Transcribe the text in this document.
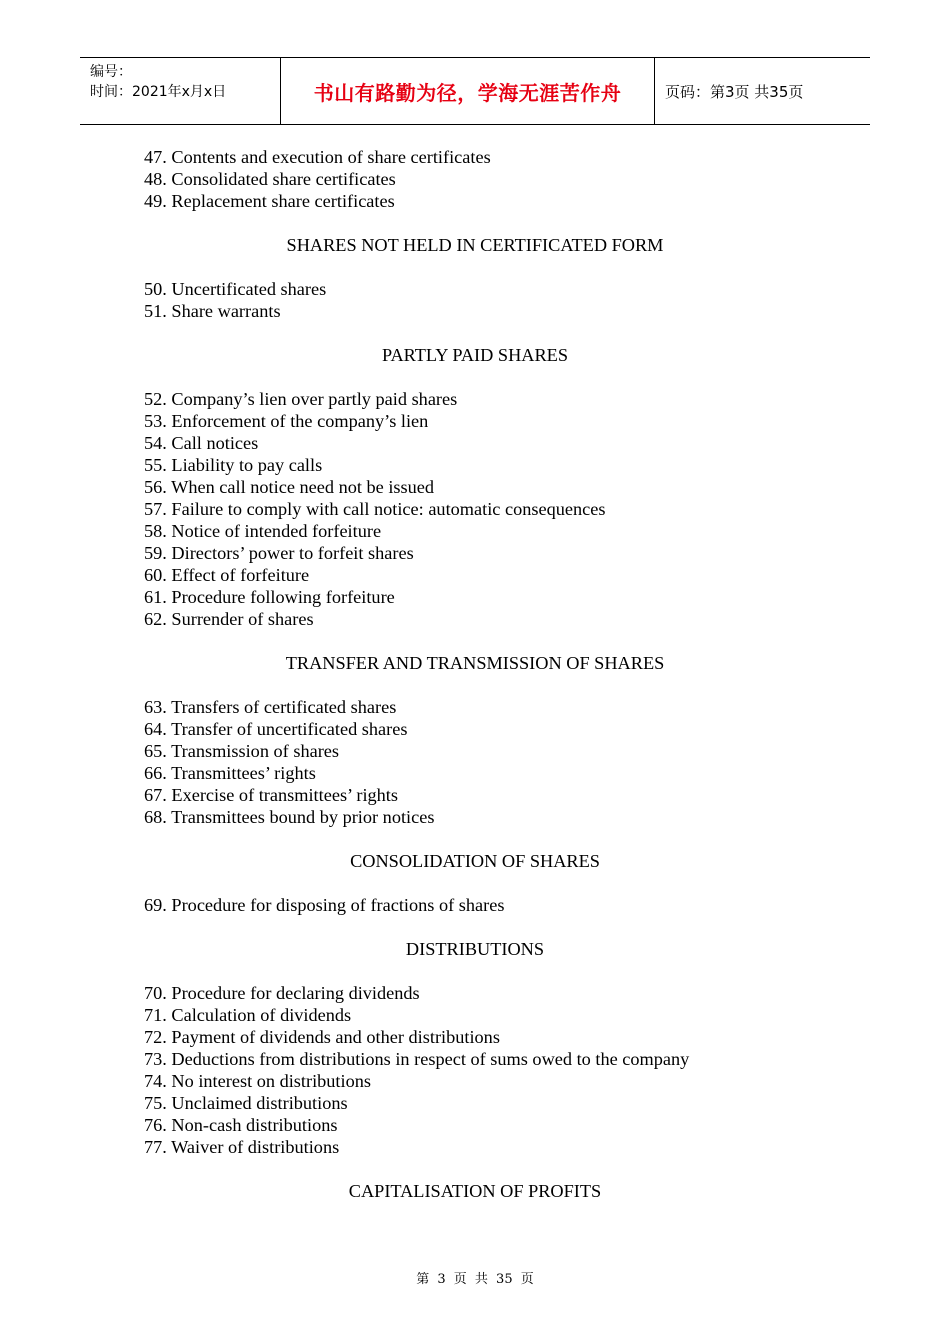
编号：
时间：2021年x月x日	书山有路勤为径，学海无涯苦作舟	页码：第3页 共35页
47. Contents and execution of share certificates
48. Consolidated share certificates
49. Replacement share certificates
SHARES NOT HELD IN CERTIFICATED FORM
50. Uncertificated shares
51. Share warrants
PARTLY PAID SHARES
52. Company’s lien over partly paid shares
53. Enforcement of the company’s lien
54. Call notices
55. Liability to pay calls
56. When call notice need not be issued
57. Failure to comply with call notice: automatic consequences
58. Notice of intended forfeiture
59. Directors’ power to forfeit shares
60. Effect of forfeiture
61. Procedure following forfeiture
62. Surrender of shares
TRANSFER AND TRANSMISSION OF SHARES
63. Transfers of certificated shares
64. Transfer of uncertificated shares
65. Transmission of shares
66. Transmittees’ rights
67. Exercise of transmittees’ rights
68. Transmittees bound by prior notices
CONSOLIDATION OF SHARES
69. Procedure for disposing of fractions of shares
DISTRIBUTIONS
70. Procedure for declaring dividends
71. Calculation of dividends
72. Payment of dividends and other distributions
73. Deductions from distributions in respect of sums owed to the company
74. No interest on distributions
75. Unclaimed distributions
76. Non-cash distributions
77. Waiver of distributions
CAPITALISATION OF PROFITS
第 3 页 共 35 页
